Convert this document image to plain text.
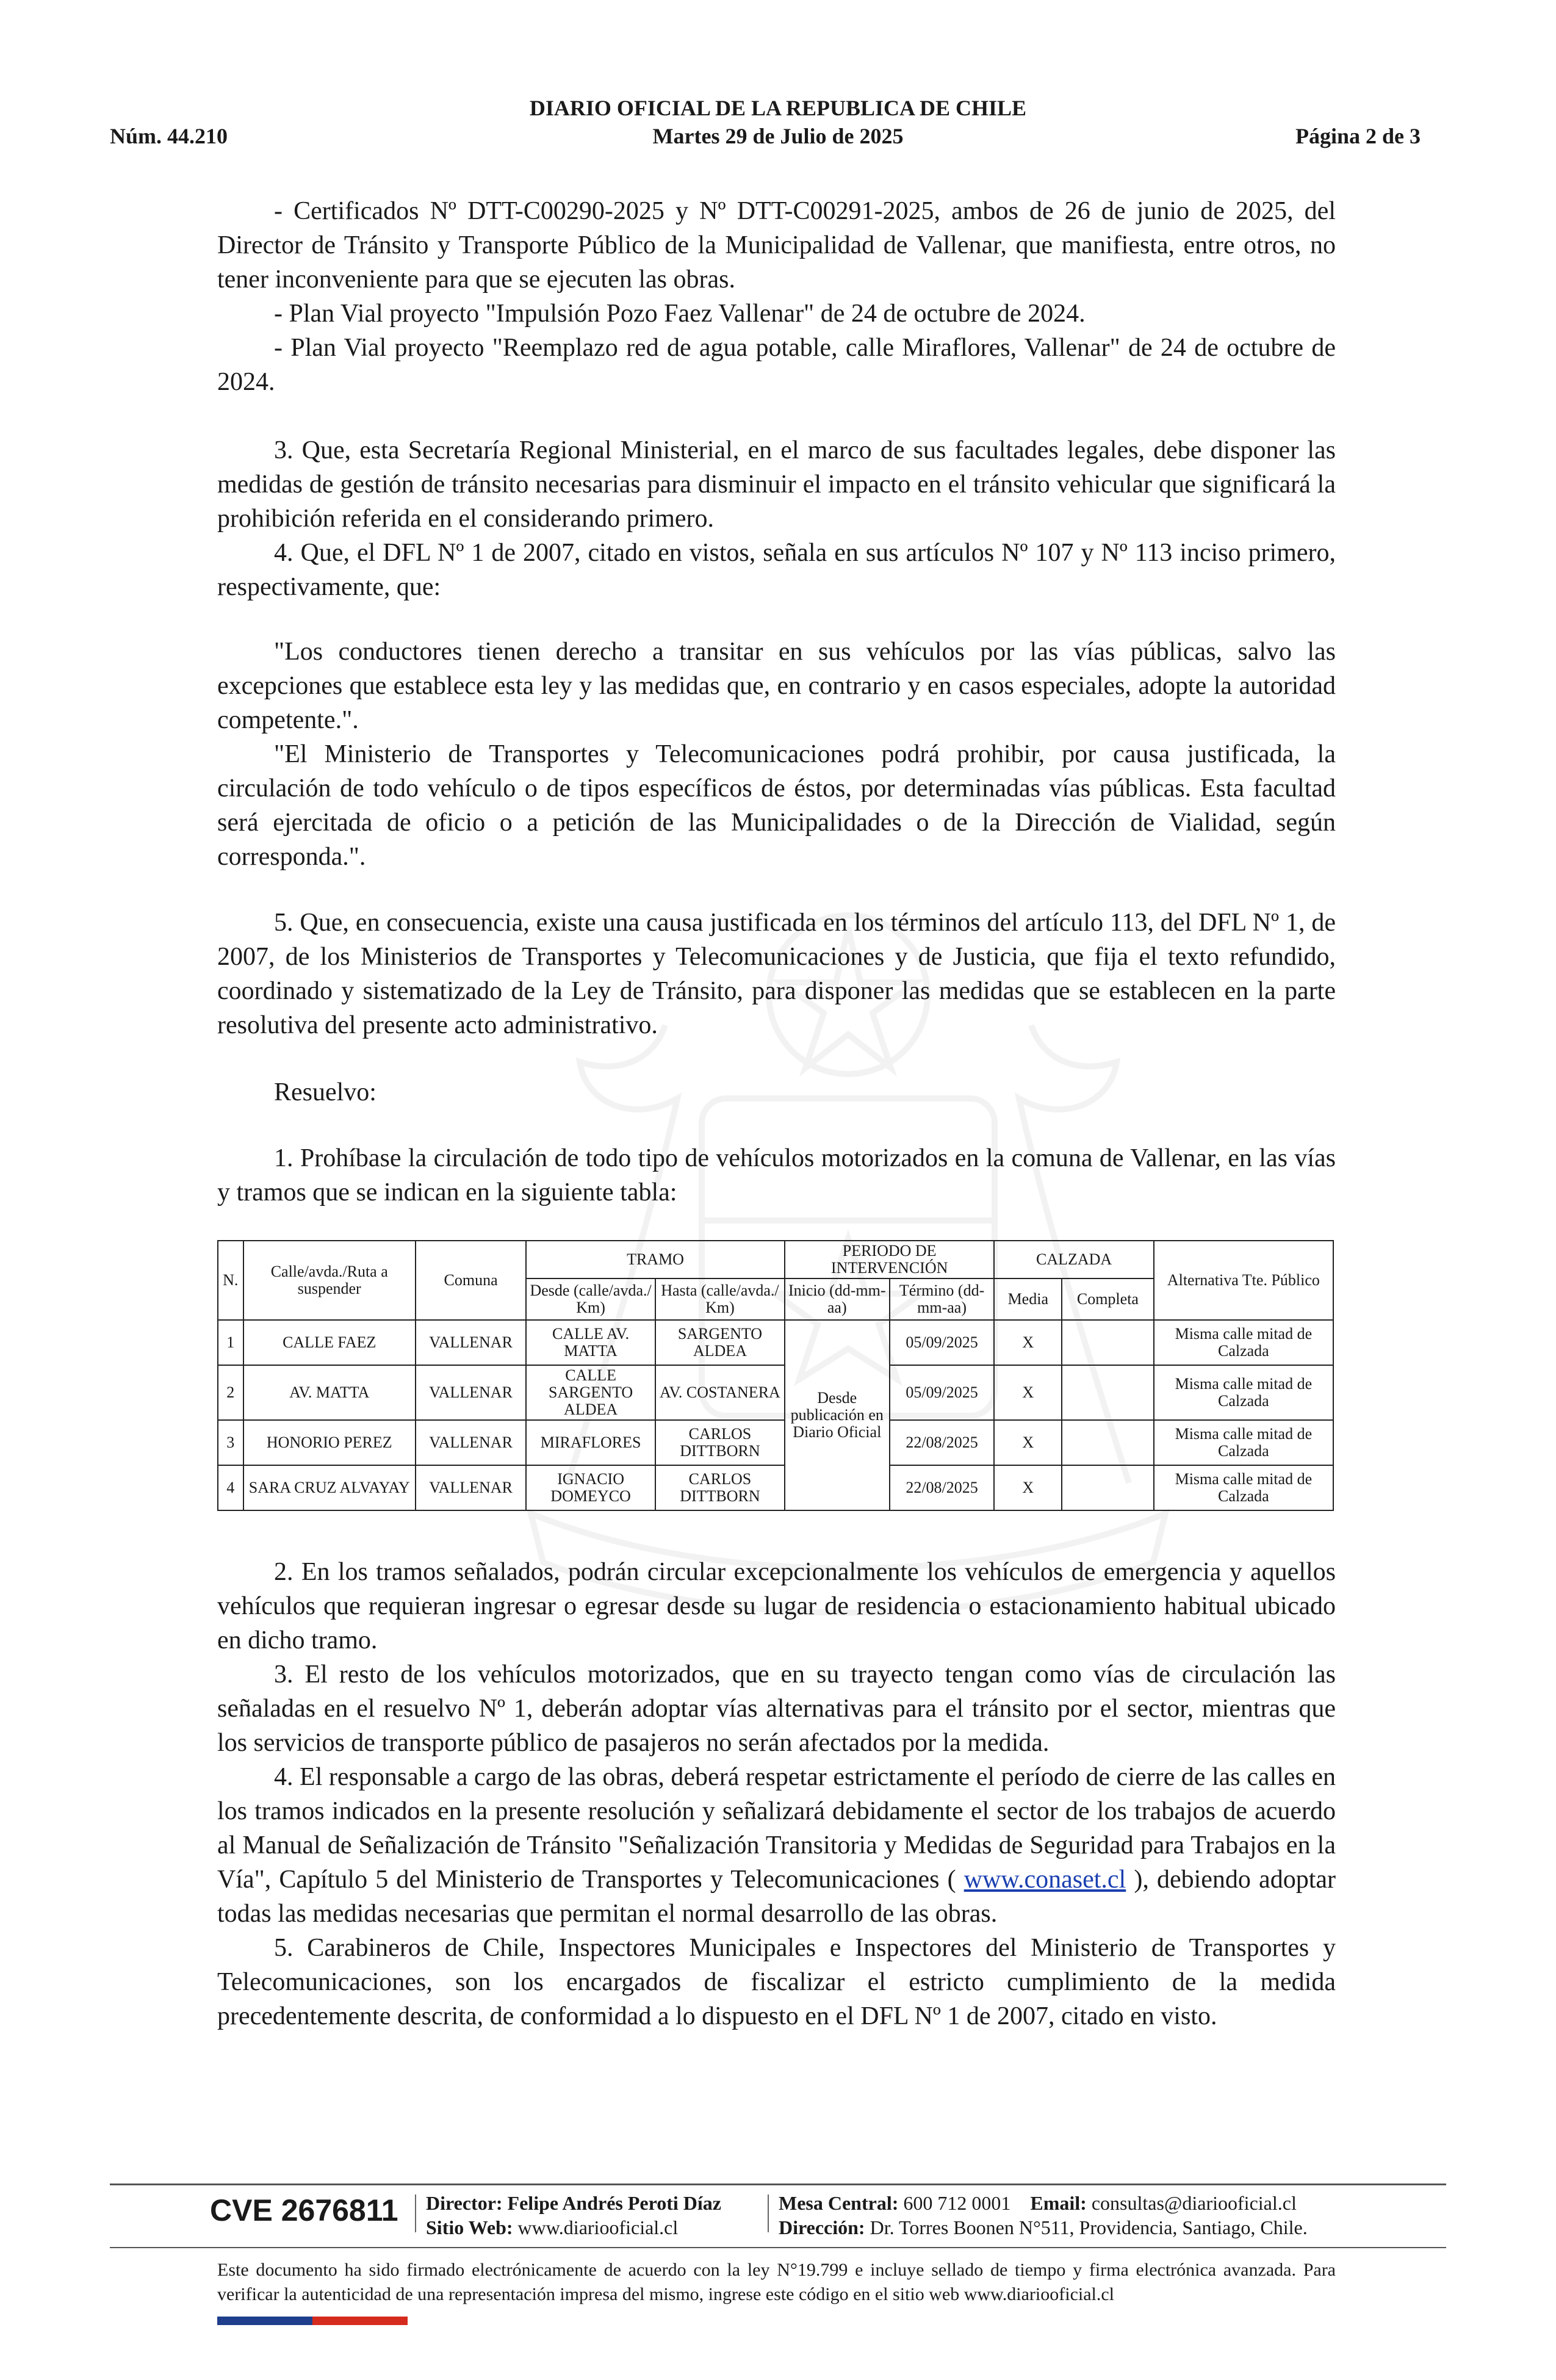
DIARIO OFICIAL DE LA REPUBLICA DE CHILE
Núm. 44.210	Martes 29 de Julio de 2025	Página 2 de 3

- Certificados Nº DTT-C00290-2025 y Nº DTT-C00291-2025, ambos de 26 de junio de 2025, del Director de Tránsito y Transporte Público de la Municipalidad de Vallenar, que manifiesta, entre otros, no tener inconveniente para que se ejecuten las obras.

- Plan Vial proyecto "Impulsión Pozo Faez Vallenar" de 24 de octubre de 2024.

- Plan Vial proyecto "Reemplazo red de agua potable, calle Miraflores, Vallenar" de 24 de octubre de 2024.

3. Que, esta Secretaría Regional Ministerial, en el marco de sus facultades legales, debe disponer las medidas de gestión de tránsito necesarias para disminuir el impacto en el tránsito vehicular que significará la prohibición referida en el considerando primero.

4. Que, el DFL Nº 1 de 2007, citado en vistos, señala en sus artículos Nº 107 y Nº 113 inciso primero, respectivamente, que:

"Los conductores tienen derecho a transitar en sus vehículos por las vías públicas, salvo las excepciones que establece esta ley y las medidas que, en contrario y en casos especiales, adopte la autoridad competente.".

"El Ministerio de Transportes y Telecomunicaciones podrá prohibir, por causa justificada, la circulación de todo vehículo o de tipos específicos de éstos, por determinadas vías públicas. Esta facultad será ejercitada de oficio o a petición de las Municipalidades o de la Dirección de Vialidad, según corresponda.".

5. Que, en consecuencia, existe una causa justificada en los términos del artículo 113, del DFL Nº 1, de 2007, de los Ministerios de Transportes y Telecomunicaciones y de Justicia, que fija el texto refundido, coordinado y sistematizado de la Ley de Tránsito, para disponer las medidas que se establecen en la parte resolutiva del presente acto administrativo.

Resuelvo:

1. Prohíbase la circulación de todo tipo de vehículos motorizados en la comuna de Vallenar, en las vías y tramos que se indican en la siguiente tabla:

N.	Calle/avda./Ruta a suspender	Comuna	TRAMO		PERIODO DE INTERVENCIÓN		CALZADA		Alternativa Tte. Público
			Desde (calle/avda./ Km)	Hasta (calle/avda./ Km)	Inicio (dd-mm-aa)	Término (dd-mm-aa)	Media	Completa	
1	CALLE FAEZ	VALLENAR	CALLE AV. MATTA	SARGENTO ALDEA	Desde publicación en Diario Oficial	05/09/2025	X		Misma calle mitad de Calzada
2	AV. MATTA	VALLENAR	CALLE SARGENTO ALDEA	AV. COSTANERA		05/09/2025	X		Misma calle mitad de Calzada
3	HONORIO PEREZ	VALLENAR	MIRAFLORES	CARLOS DITTBORN		22/08/2025	X		Misma calle mitad de Calzada
4	SARA CRUZ ALVAYAY	VALLENAR	IGNACIO DOMEYCO	CARLOS DITTBORN		22/08/2025	X		Misma calle mitad de Calzada

2. En los tramos señalados, podrán circular excepcionalmente los vehículos de emergencia y aquellos vehículos que requieran ingresar o egresar desde su lugar de residencia o estacionamiento habitual ubicado en dicho tramo.

3. El resto de los vehículos motorizados, que en su trayecto tengan como vías de circulación las señaladas en el resuelvo Nº 1, deberán adoptar vías alternativas para el tránsito por el sector, mientras que los servicios de transporte público de pasajeros no serán afectados por la medida.

4. El responsable a cargo de las obras, deberá respetar estrictamente el período de cierre de las calles en los tramos indicados en la presente resolución y señalizará debidamente el sector de los trabajos de acuerdo al Manual de Señalización de Tránsito "Señalización Transitoria y Medidas de Seguridad para Trabajos en la Vía", Capítulo 5 del Ministerio de Transportes y Telecomunicaciones ( www.conaset.cl ), debiendo adoptar todas las medidas necesarias que permitan el normal desarrollo de las obras.

5. Carabineros de Chile, Inspectores Municipales e Inspectores del Ministerio de Transportes y Telecomunicaciones, son los encargados de fiscalizar el estricto cumplimiento de la medida precedentemente descrita, de conformidad a lo dispuesto en el DFL Nº 1 de 2007, citado en visto.

CVE 2676811 Director: Felipe Andrés Peroti Díaz
Sitio Web: www.diariooficial.cl
Mesa Central: 600 712 0001 Email: consultas@diariooficial.cl
Dirección: Dr. Torres Boonen N°511, Providencia, Santiago, Chile.
Este documento ha sido firmado electrónicamente de acuerdo con la ley N°19.799 e incluye sellado de tiempo y firma electrónica avanzada. Para verificar la autenticidad de una representación impresa del mismo, ingrese este código en el sitio web www.diariooficial.cl
